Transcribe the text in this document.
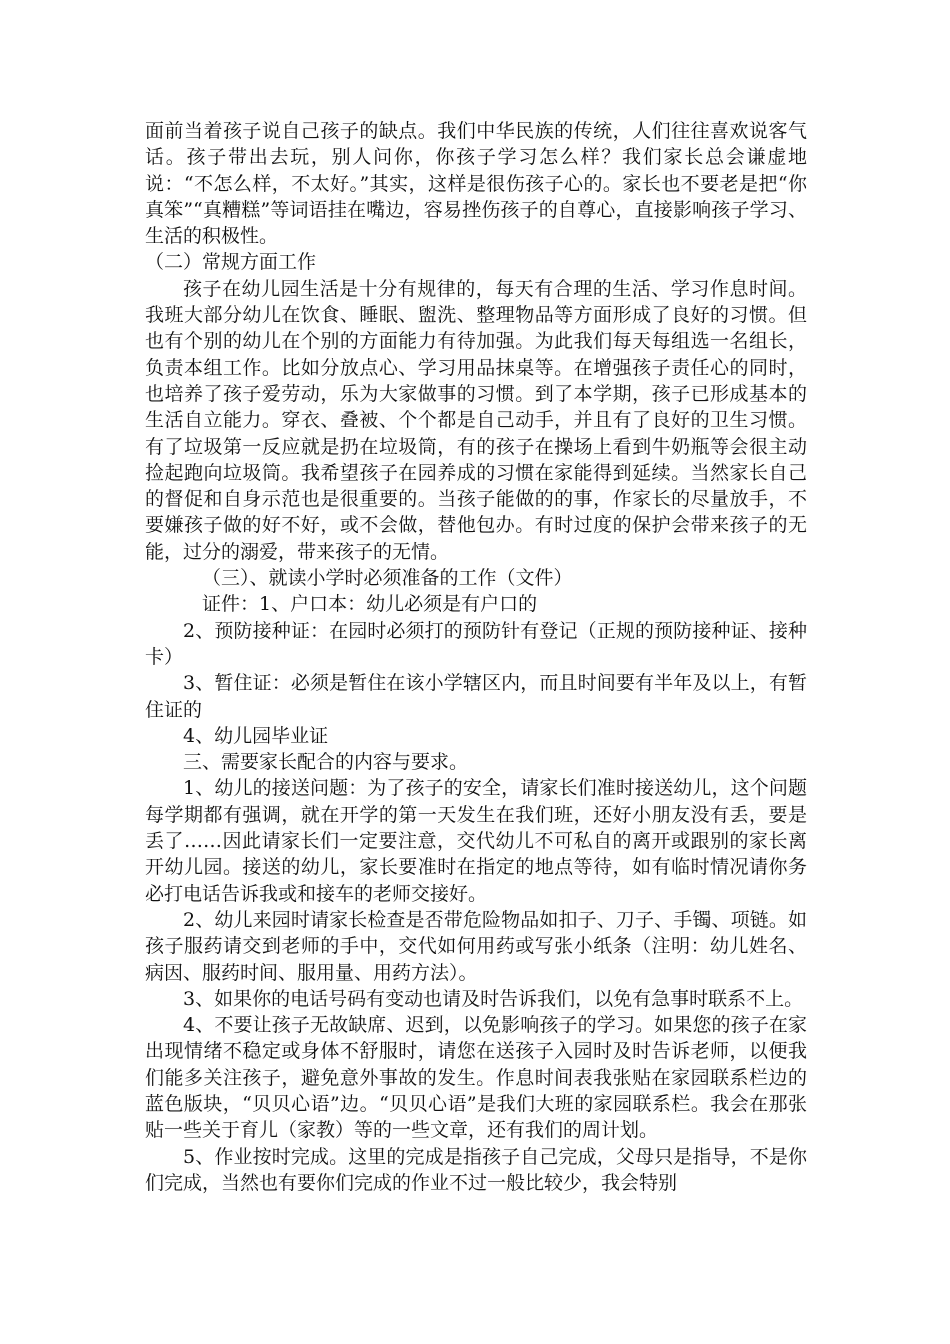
面前当着孩子说自己孩子的缺点。我们中华民族的传统，人们往往喜欢说客气话。孩子带出去玩，别人问你，你孩子学习怎么样？我们家长总会谦虚地说：“不怎么样，不太好。”其实，这样是很伤孩子心的。家长也不要老是把“你真笨”“真糟糕”等词语挂在嘴边，容易挫伤孩子的自尊心，直接影响孩子学习、生活的积极性。

（二）常规方面工作

孩子在幼儿园生活是十分有规律的，每天有合理的生活、学习作息时间。我班大部分幼儿在饮食、睡眠、盥洗、整理物品等方面形成了良好的习惯。但也有个别的幼儿在个别的方面能力有待加强。为此我们每天每组选一名组长，负责本组工作。比如分放点心、学习用品抹桌等。在增强孩子责任心的同时，也培养了孩子爱劳动，乐为大家做事的习惯。到了本学期，孩子已形成基本的生活自立能力。穿衣、叠被、个个都是自己动手，并且有了良好的卫生习惯。有了垃圾第一反应就是扔在垃圾筒，有的孩子在操场上看到牛奶瓶等会很主动捡起跑向垃圾筒。我希望孩子在园养成的习惯在家能得到延续。当然家长自己的督促和自身示范也是很重要的。当孩子能做的的事，作家长的尽量放手，不要嫌孩子做的好不好，或不会做，替他包办。有时过度的保护会带来孩子的无能，过分的溺爱，带来孩子的无情。

（三）、就读小学时必须准备的工作（文件）

证件：1、户口本：幼儿必须是有户口的

2、预防接种证：在园时必须打的预防针有登记（正规的预防接种证、接种卡）

3、暂住证：必须是暂住在该小学辖区内，而且时间要有半年及以上，有暂住证的

4、幼儿园毕业证

三、需要家长配合的内容与要求。

1、幼儿的接送问题：为了孩子的安全，请家长们准时接送幼儿，这个问题每学期都有强调，就在开学的第一天发生在我们班，还好小朋友没有丢，要是丢了……因此请家长们一定要注意，交代幼儿不可私自的离开或跟别的家长离开幼儿园。接送的幼儿，家长要准时在指定的地点等待，如有临时情况请你务必打电话告诉我或和接车的老师交接好。

2、幼儿来园时请家长检查是否带危险物品如扣子、刀子、手镯、项链。如孩子服药请交到老师的手中，交代如何用药或写张小纸条（注明：幼儿姓名、病因、服药时间、服用量、用药方法）。

3、如果你的电话号码有变动也请及时告诉我们，以免有急事时联系不上。

4、不要让孩子无故缺席、迟到，以免影响孩子的学习。如果您的孩子在家出现情绪不稳定或身体不舒服时，请您在送孩子入园时及时告诉老师，以便我们能多关注孩子，避免意外事故的发生。作息时间表我张贴在家园联系栏边的蓝色版块，“贝贝心语”边。“贝贝心语”是我们大班的家园联系栏。我会在那张贴一些关于育儿（家教）等的一些文章，还有我们的周计划。

5、作业按时完成。这里的完成是指孩子自己完成，父母只是指导，不是你们完成，当然也有要你们完成的作业不过一般比较少，我会特别
